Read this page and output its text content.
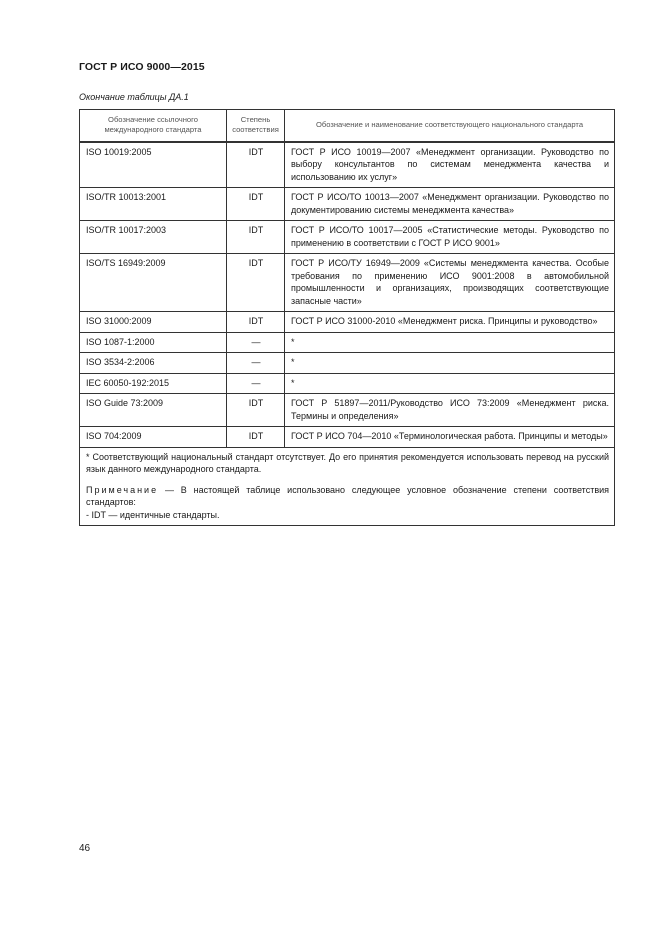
ГОСТ Р ИСО 9000—2015
Окончание таблицы ДА.1
Обозначение ссылочного международного стандарта	Степень соответствия	Обозначение и наименование соответствующего национального стандарта
ISO 10019:2005	IDT	ГОСТ Р ИСО 10019—2007 «Менеджмент организации. Руководство по выбору консультантов по системам менеджмента качества и использованию их услуг»
ISO/TR 10013:2001	IDT	ГОСТ Р ИСО/ТО 10013—2007 «Менеджмент организации. Руководство по документированию системы менеджмента качества»
ISO/TR 10017:2003	IDT	ГОСТ Р ИСО/ТО 10017—2005 «Статистические методы. Руководство по применению в соответствии с ГОСТ Р ИСО 9001»
ISO/TS 16949:2009	IDT	ГОСТ Р ИСО/ТУ 16949—2009 «Системы менеджмента качества. Особые требования по применению ИСО 9001:2008 в автомобильной промышленности и организациях, производящих соответствующие запасные части»
ISO 31000:2009	IDT	ГОСТ Р ИСО 31000-2010 «Менеджмент риска. Принципы и руководство»
ISO 1087-1:2000	—	*
ISO 3534-2:2006	—	*
IEC 60050-192:2015	—	*
ISO Guide 73:2009	IDT	ГОСТ Р 51897—2011/Руководство ИСО 73:2009 «Менеджмент риска. Термины и определения»
ISO 704:2009	IDT	ГОСТ Р ИСО 704—2010 «Терминологическая работа. Принципы и методы»

* Соответствующий национальный стандарт отсутствует. До его принятия рекомендуется использовать перевод на русский язык данного международного стандарта.

Примечание — В настоящей таблице использовано следующее условное обозначение степени соответствия стандартов:

- IDT — идентичные стандарты.		

46
